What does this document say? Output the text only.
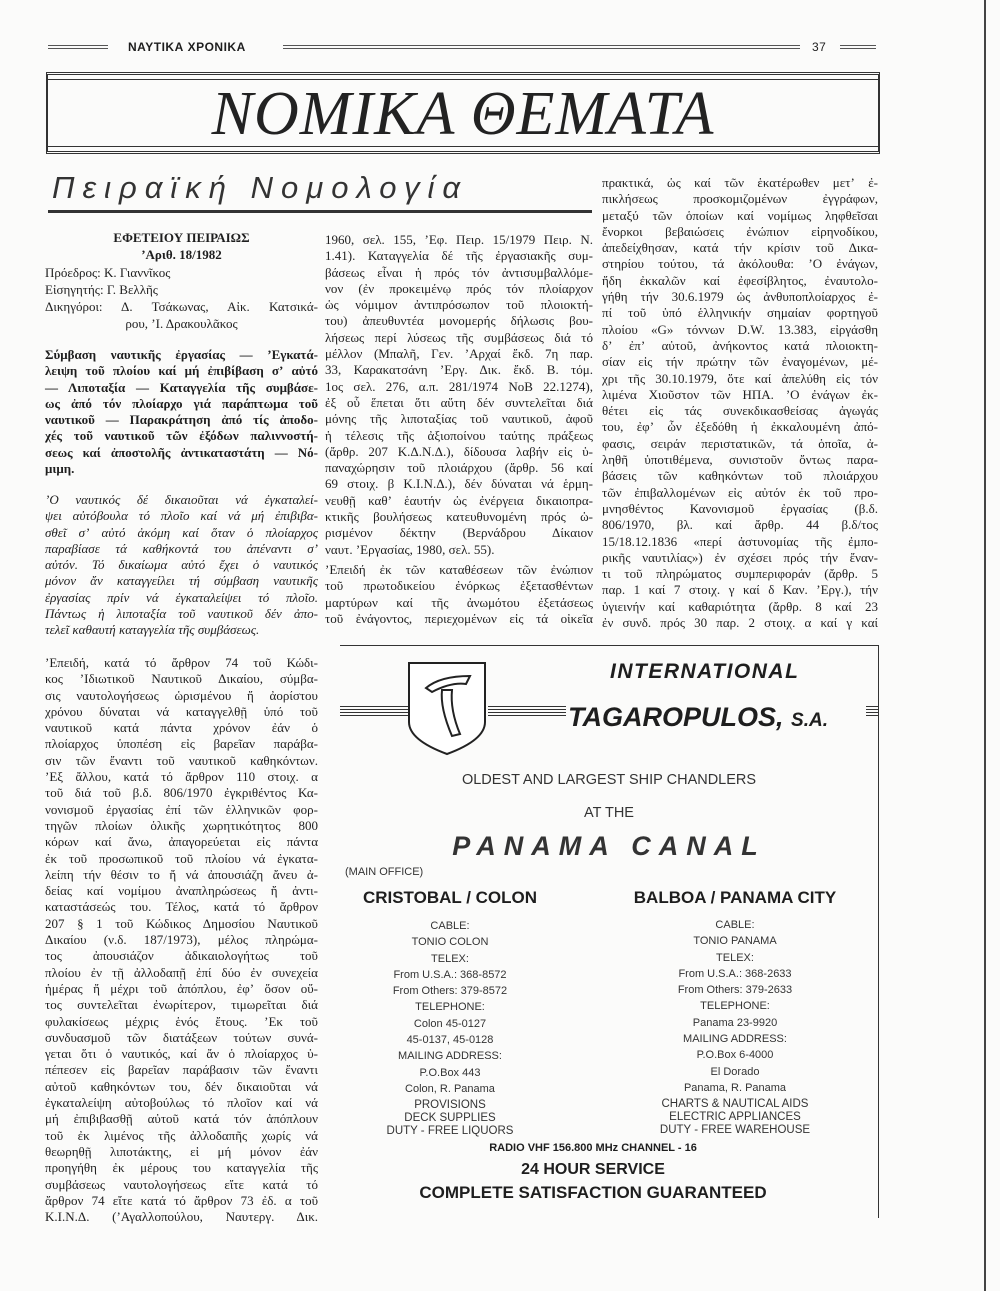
ΝΑΥΤΙΚΑ ΧΡΟΝΙΚΑ	37
ΝΟΜΙΚΑ ΘΕΜΑΤΑ
Πειραϊκή Νομολογία
ΕΦΕΤΕΙΟΥ ΠΕΙΡΑΙΩΣ
ʼΑριθ. 18/1982
Πρόεδρος: Κ. Γιαννῖκος
Εἰσηγητής: Γ. Βελλῆς
Δικηγόροι: Δ. Τσάκωνας, Αἰκ. Κατσικά-
ρου, ʼΙ. Δρακουλᾶκος
Σύμβαση ναυτικῆς ἐργασίας — ʼΕγκατά-
λειψη τοῦ πλοίου καί μή ἐπιβίβαση σʼ αὐτό
— Λιποταξία — Καταγγελία τῆς συμβάσε-
ως ἀπό τόν πλοίαρχο γιά παράπτωμα τοῦ
ναυτικοῦ — Παρακράτηση ἀπό τίς ἀποδο-
χές τοῦ ναυτικοῦ τῶν ἐξόδων παλιννοστή-
σεως καί ἀποστολῆς ἀντικαταστάτη — Νό-
μιμη.
ʼΟ ναυτικός δέ δικαιοῦται νά ἐγκαταλεί-
ψει αὐτόβουλα τό πλοῖο καί νά μή ἐπιβιβα-
σθεῖ σʼ αὐτό ἀκόμη καί ὅταν ὁ πλοίαρχος
παραβίασε τά καθήκοντά του ἀπέναντι σʼ
αὐτόν. Τό δικαίωμα αὐτό ἔχει ὁ ναυτικός
μόνον ἄν καταγγείλει τή σύμβαση ναυτικῆς
ἐργασίας πρίν νά ἐγκαταλείψει τό πλοῖο.
Πάντως ἡ λιποταξία τοῦ ναυτικοῦ δέν ἀπο-
τελεῖ καθαυτή καταγγελία τῆς συμβάσεως.
ʼΕπειδή, κατά τό ἄρθρον 74 τοῦ Κώδι-
κος ʼΙδιωτικοῦ Ναυτικοῦ Δικαίου, σύμβα-
σις ναυτολογήσεως ὡρισμένου ἤ ἀορίστου
χρόνου δύναται νά καταγγελθῇ ὑπό τοῦ
ναυτικοῦ κατά πάντα χρόνον ἐάν ὁ
πλοίαρχος ὑποπέση εἰς βαρεῖαν παράβα-
σιν τῶν ἔναντι τοῦ ναυτικοῦ καθηκόντων.
ʼΕξ ἄλλου, κατά τό ἄρθρον 110 στοιχ. α
τοῦ διά τοῦ β.δ. 806/1970 ἐγκριθέντος Κα-
νονισμοῦ ἐργασίας ἐπί τῶν ἑλληνικῶν φορ-
τηγῶν πλοίων ὁλικῆς χωρητικότητος 800
κόρων καί ἄνω, ἀπαγορεύεται εἰς πάντα
ἐκ τοῦ προσωπικοῦ τοῦ πλοίου νά ἐγκατα-
λείπη τήν θέσιν το ἤ νά ἀπουσιάζη ἄνευ ἀ-
δείας καί νομίμου ἀναπληρώσεως ἤ ἀντι-
καταστάσεώς του. Τέλος, κατά τό ἄρθρον
207 § 1 τοῦ Κώδικος Δημοσίου Ναυτικοῦ
Δικαίου (ν.δ. 187/1973), μέλος πληρώμα-
τος ἀπουσιάζον ἀδικαιολογήτως τοῦ
πλοίου ἐν τῇ ἀλλοδαπῇ ἐπί δύο ἐν συνεχεία
ἡμέρας ἤ μέχρι τοῦ ἀπόπλου, ἐφʼ ὅσον οὔ-
τος συντελεῖται ἐνωρίτερον, τιμωρεῖται διά
φυλακίσεως μέχρις ἑνός ἔτους. ʼΕκ τοῦ
συνδυασμοῦ τῶν διατάξεων τούτων συνά-
γεται ὅτι ὁ ναυτικός, καί ἄν ὁ πλοίαρχος ὑ-
πέπεσεν εἰς βαρεῖαν παράβασιν τῶν ἔναντι
αὐτοῦ καθηκόντων του, δέν δικαιοῦται νά
ἐγκαταλείψη αὐτοβούλως τό πλοῖον καί νά
μή ἐπιβιβασθῇ αὐτοῦ κατά τόν ἀπόπλουν
τοῦ ἐκ λιμένος τῆς ἀλλοδαπῆς χωρίς νά
θεωρηθῇ λιποτάκτης, εἰ μή μόνον ἐάν
προηγήθη ἐκ μέρους του καταγγελία τῆς
συμβάσεως ναυτολογήσεως εἴτε κατά τό
ἄρθρον 74 εἴτε κατά τό ἄρθρον 73 ἐδ. α τοῦ
Κ.Ι.Ν.Δ. (ʼΑγαλλοπούλου, Ναυτεργ. Δικ.
1960, σελ. 155, ʼΕφ. Πειρ. 15/1979 Πειρ. Ν.
1.41). Καταγγελία δέ τῆς ἐργασιακῆς συμ-
βάσεως εἶναι ἡ πρός τόν ἀντισυμβαλλόμε-
νον (ἐν προκειμένῳ πρός τόν πλοίαρχον
ὡς νόμιμον ἀντιπρόσωπον τοῦ πλοιοκτή-
του) ἀπευθυντέα μονομερής δήλωσις βου-
λήσεως περί λύσεως τῆς συμβάσεως διά τό
μέλλον (Μπαλῆ, Γεν. ʼΑρχαί ἔκδ. 7η παρ.
33, Καρακατσάνη ʼΕργ. Δικ. ἔκδ. Β. τόμ.
1ος σελ. 276, α.π. 281/1974 ΝοΒ 22.1274),
ἐξ οὗ ἕπεται ὅτι αὕτη δέν συντελεῖται διά
μόνης τῆς λιποταξίας τοῦ ναυτικοῦ, ἀφοῦ
ἡ τέλεσις τῆς ἀξιοποίνου ταύτης πράξεως
(ἄρθρ. 207 Κ.Δ.Ν.Δ.), δίδουσα λαβήν εἰς ὑ-
παναχώρησιν τοῦ πλοιάρχου (ἄρθρ. 56 καί
69 στοιχ. β Κ.Ι.Ν.Δ.), δέν δύναται νά ἑρμη-
νευθῇ καθʼ ἑαυτήν ὡς ἐνέργεια δικαιοπρα-
κτικῆς βουλήσεως κατευθυνομένη πρός ὡ-
ρισμένον δέκτην (Βερνάδρου Δίκαιον
ναυτ. ʼΕργασίας, 1980, σελ. 55).
ʼΕπειδή ἐκ τῶν καταθέσεων τῶν ἐνώπιον
τοῦ πρωτοδικείου ἐνόρκως ἐξετασθέντων
μαρτύρων καί τῆς ἀνωμότου ἐξετάσεως
τοῦ ἐνάγοντος, περιεχομένων εἰς τά οἰκεῖα
πρακτικά, ὡς καί τῶν ἑκατέρωθεν μετʼ ἐ-
πικλήσεως προσκομιζομένων ἐγγράφων,
μεταξύ τῶν ὁποίων καί νομίμως ληφθεῖσαι
ἔνορκοι βεβαιώσεις ἐνώπιον εἰρηνοδίκου,
ἀπεδείχθησαν, κατά τήν κρίσιν τοῦ Δικα-
στηρίου τούτου, τά ἀκόλουθα: ʼΟ ἐνάγων,
ἤδη ἐκκαλῶν καί ἐφεσίβλητος, ἐναυτολο-
γήθη τήν 30.6.1979 ὡς ἀνθυποπλοίαρχος ἐ-
πί τοῦ ὑπό ἑλληνικήν σημαίαν φορτηγοῦ
πλοίου «G» τόννων D.W. 13.383, εἰργάσθη
δʼ ἐπʼ αὐτοῦ, ἀνήκοντος κατά πλοιοκτη-
σίαν εἰς τήν πρώτην τῶν ἐναγομένων, μέ-
χρι τῆς 30.10.1979, ὅτε καί ἀπελύθη εἰς τόν
λιμένα Χιοῦστον τῶν ΗΠΑ. ʼΟ ἐνάγων ἐκ-
θέτει εἰς τάς συνεκδικασθείσας ἀγωγάς
του, ἐφʼ ὧν ἐξεδόθη ἡ ἐκκαλουμένη ἀπό-
φασις, σειράν περιστατικῶν, τά ὁποῖα, ἀ-
ληθῆ ὑποτιθέμενα, συνιστοῦν ὄντως παρα-
βάσεις τῶν καθηκόντων τοῦ πλοιάρχου
τῶν ἐπιβαλλομένων εἰς αὐτόν ἐκ τοῦ προ-
μνησθέντος Κανονισμοῦ ἐργασίας (β.δ.
806/1970, βλ. καί ἄρθρ. 44 β.δ/τος
15/18.12.1836 «περί ἀστυνομίας τῆς ἐμπο-
ρικῆς ναυτιλίας») ἐν σχέσει πρός τήν ἔναν-
τι τοῦ πληρώματος συμπεριφοράν (ἄρθρ. 5
παρ. 1 καί 7 στοιχ. γ καί δ Καν. ʼΕργ.), τήν
ὑγιεινήν καί καθαριότητα (ἄρθρ. 8 καί 23
ἐν συνδ. πρός 30 παρ. 2 στοιχ. α καί γ καί
INTERNATIONAL
TAGAROPULOS, S.A.
OLDEST AND LARGEST SHIP CHANDLERS
AT THE
PANAMA CANAL
(MAIN OFFICE)
CRISTOBAL / COLON
CABLE:
TONIO COLON
TELEX:
From U.S.A.: 368-8572
From Others: 379-8572
TELEPHONE:
Colon 45-0127
45-0137, 45-0128
MAILING ADDRESS:
P.O.Box 443
Colon, R. Panama
PROVISIONS
DECK SUPPLIES
DUTY - FREE LIQUORS
BALBOA / PANAMA CITY
CABLE:
TONIO PANAMA
TELEX:
From U.S.A.: 368-2633
From Others: 379-2633
TELEPHONE:
Panama 23-9920
MAILING ADDRESS:
P.O.Box 6-4000
El Dorado
Panama, R. Panama
CHARTS & NAUTICAL AIDS
ELECTRIC APPLIANCES
DUTY - FREE WAREHOUSE
RADIO VHF 156.800 MHz CHANNEL - 16
24 HOUR SERVICE
COMPLETE SATISFACTION GUARANTEED
